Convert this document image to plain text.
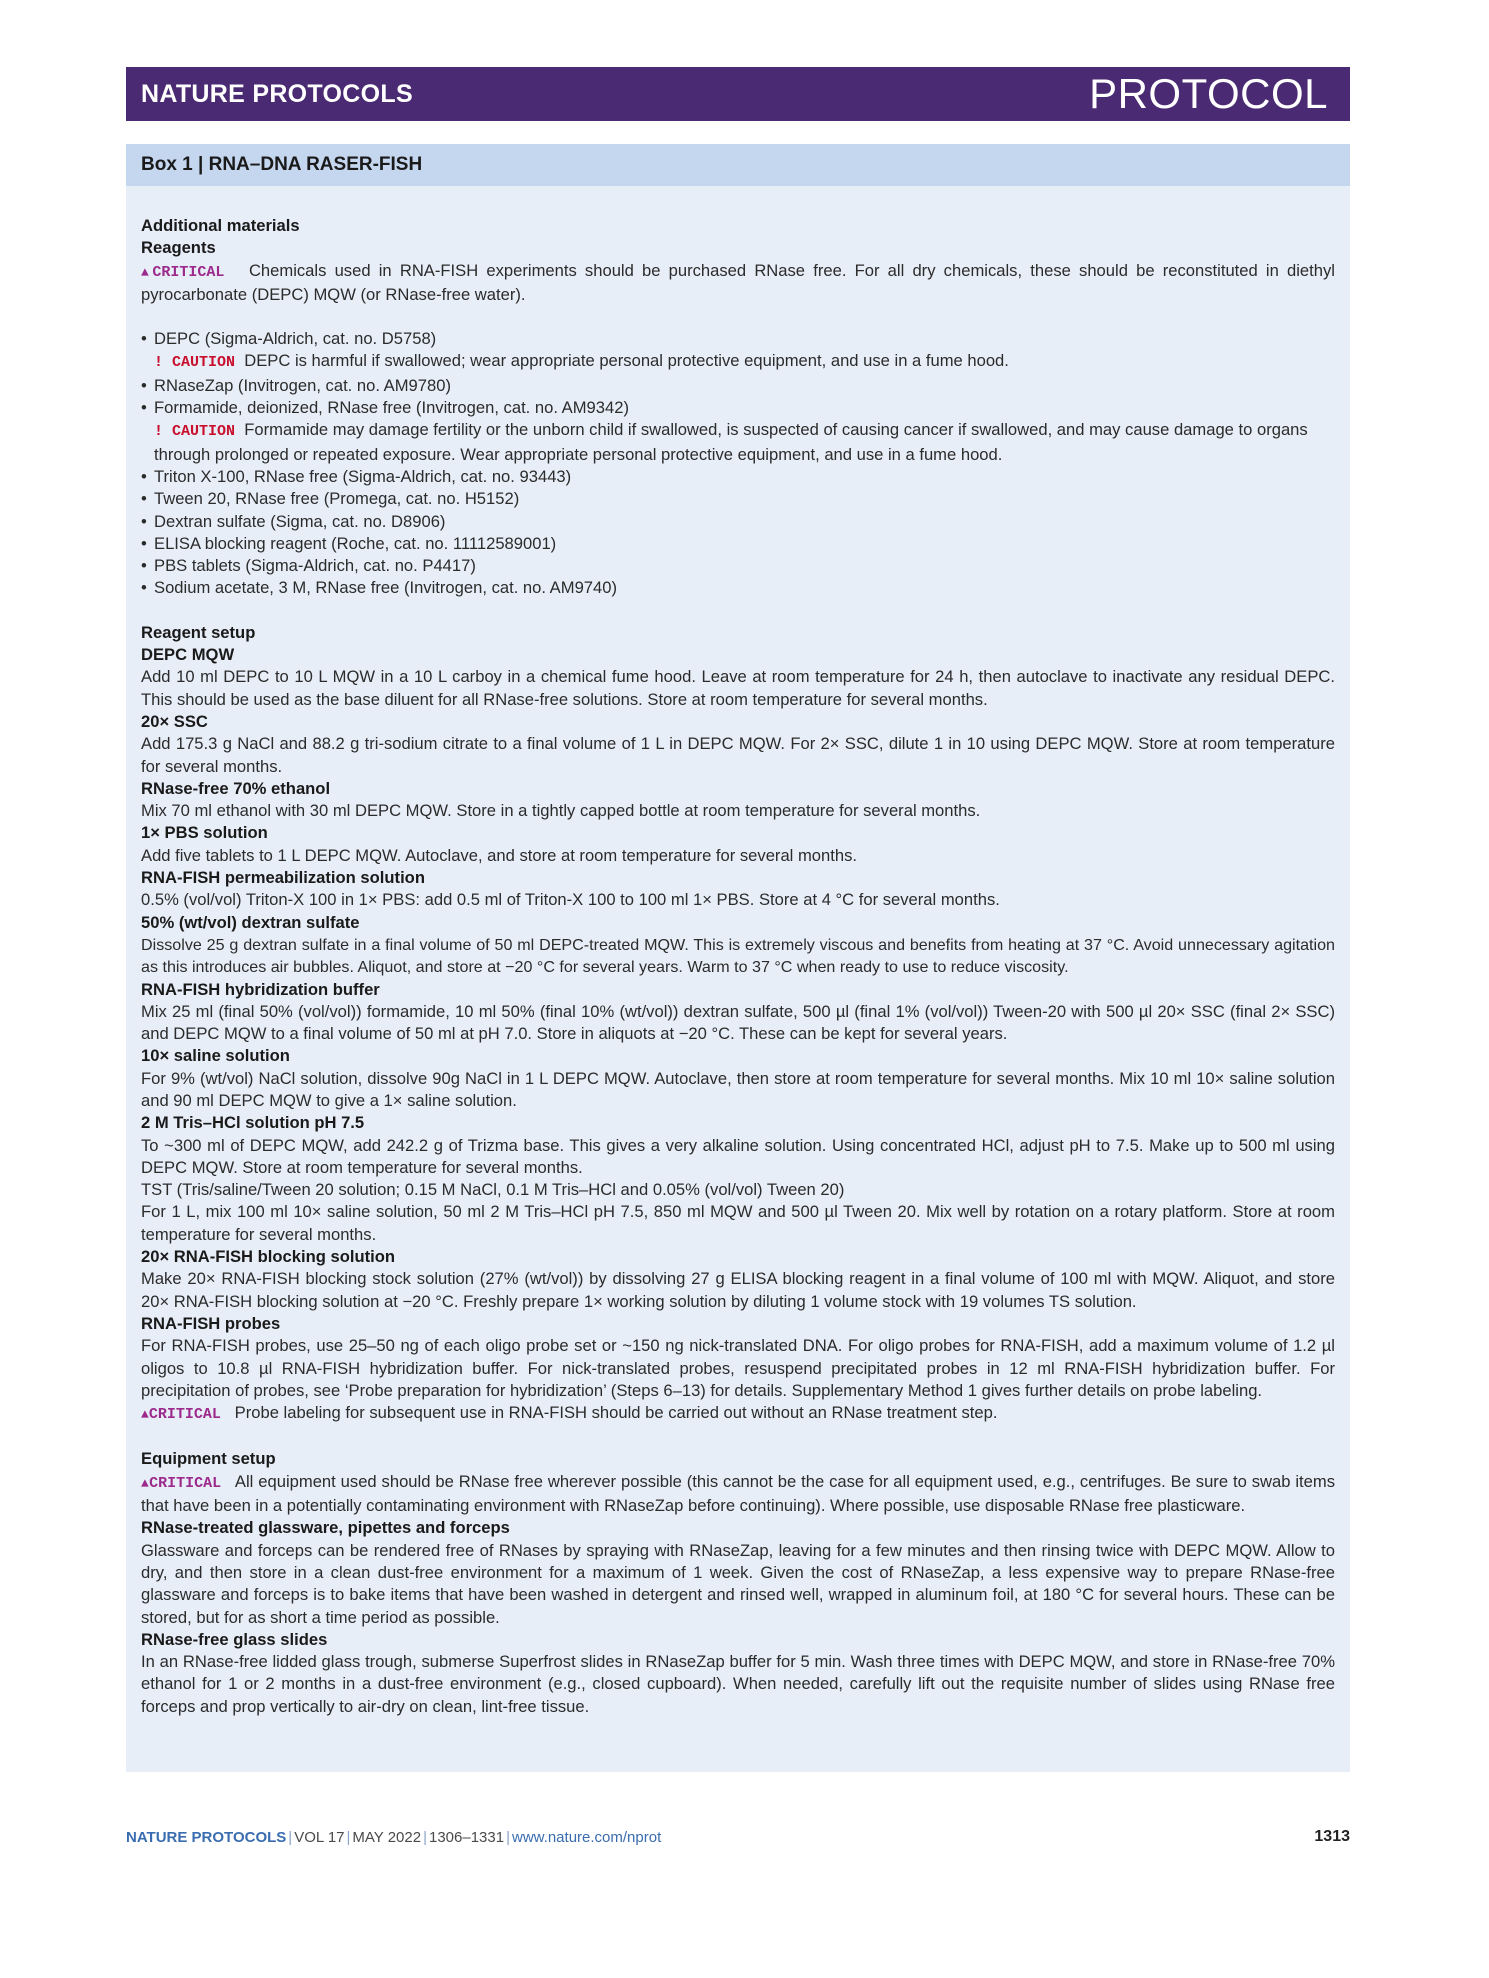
NATURE PROTOCOLS	PROTOCOL
Box 1 | RNA–DNA RASER-FISH
Additional materials
Reagents

▲CRITICAL Chemicals used in RNA-FISH experiments should be purchased RNase free. For all dry chemicals, these should be reconstituted in diethyl pyrocarbonate (DEPC) MQW (or RNase-free water).

• DEPC (Sigma-Aldrich, cat. no. D5758)
! CAUTION DEPC is harmful if swallowed; wear appropriate personal protective equipment, and use in a fume hood.
• RNaseZap (Invitrogen, cat. no. AM9780)
• Formamide, deionized, RNase free (Invitrogen, cat. no. AM9342)
! CAUTION Formamide may damage fertility or the unborn child if swallowed, is suspected of causing cancer if swallowed, and may cause damage to organs through prolonged or repeated exposure. Wear appropriate personal protective equipment, and use in a fume hood.
• Triton X-100, RNase free (Sigma-Aldrich, cat. no. 93443)
• Tween 20, RNase free (Promega, cat. no. H5152)
• Dextran sulfate (Sigma, cat. no. D8906)
• ELISA blocking reagent (Roche, cat. no. 11112589001)
• PBS tablets (Sigma-Aldrich, cat. no. P4417)
• Sodium acetate, 3 M, RNase free (Invitrogen, cat. no. AM9740)
Reagent setup
DEPC MQW

Add 10 ml DEPC to 10 L MQW in a 10 L carboy in a chemical fume hood. Leave at room temperature for 24 h, then autoclave to inactivate any residual DEPC. This should be used as the base diluent for all RNase-free solutions. Store at room temperature for several months.

20× SSC

Add 175.3 g NaCl and 88.2 g tri-sodium citrate to a final volume of 1 L in DEPC MQW. For 2× SSC, dilute 1 in 10 using DEPC MQW. Store at room temperature for several months.

RNase-free 70% ethanol

Mix 70 ml ethanol with 30 ml DEPC MQW. Store in a tightly capped bottle at room temperature for several months.

1× PBS solution

Add five tablets to 1 L DEPC MQW. Autoclave, and store at room temperature for several months.

RNA-FISH permeabilization solution

0.5% (vol/vol) Triton-X 100 in 1× PBS: add 0.5 ml of Triton-X 100 to 100 ml 1× PBS. Store at 4 °C for several months.

50% (wt/vol) dextran sulfate

Dissolve 25 g dextran sulfate in a final volume of 50 ml DEPC-treated MQW. This is extremely viscous and benefits from heating at 37 °C. Avoid unnecessary agitation as this introduces air bubbles. Aliquot, and store at −20 °C for several years. Warm to 37 °C when ready to use to reduce viscosity.

RNA-FISH hybridization buffer

Mix 25 ml (final 50% (vol/vol)) formamide, 10 ml 50% (final 10% (wt/vol)) dextran sulfate, 500 µl (final 1% (vol/vol)) Tween-20 with 500 µl 20× SSC (final 2× SSC) and DEPC MQW to a final volume of 50 ml at pH 7.0. Store in aliquots at −20 °C. These can be kept for several years.

10× saline solution

For 9% (wt/vol) NaCl solution, dissolve 90g NaCl in 1 L DEPC MQW. Autoclave, then store at room temperature for several months. Mix 10 ml 10× saline solution and 90 ml DEPC MQW to give a 1× saline solution.

2 M Tris–HCl solution pH 7.5

To ~300 ml of DEPC MQW, add 242.2 g of Trizma base. This gives a very alkaline solution. Using concentrated HCl, adjust pH to 7.5. Make up to 500 ml using DEPC MQW. Store at room temperature for several months.

TST (Tris/saline/Tween 20 solution; 0.15 M NaCl, 0.1 M Tris–HCl and 0.05% (vol/vol) Tween 20)

For 1 L, mix 100 ml 10× saline solution, 50 ml 2 M Tris–HCl pH 7.5, 850 ml MQW and 500 µl Tween 20. Mix well by rotation on a rotary platform. Store at room temperature for several months.

20× RNA-FISH blocking solution

Make 20× RNA-FISH blocking stock solution (27% (wt/vol)) by dissolving 27 g ELISA blocking reagent in a final volume of 100 ml with MQW. Aliquot, and store 20× RNA-FISH blocking solution at −20 °C. Freshly prepare 1× working solution by diluting 1 volume stock with 19 volumes TS solution.

RNA-FISH probes

For RNA-FISH probes, use 25–50 ng of each oligo probe set or ~150 ng nick-translated DNA. For oligo probes for RNA-FISH, add a maximum volume of 1.2 µl oligos to 10.8 µl RNA-FISH hybridization buffer. For nick-translated probes, resuspend precipitated probes in 12 ml RNA-FISH hybridization buffer. For precipitation of probes, see ‘Probe preparation for hybridization’ (Steps 6–13) for details. Supplementary Method 1 gives further details on probe labeling.

▲CRITICAL Probe labeling for subsequent use in RNA-FISH should be carried out without an RNase treatment step.

Equipment setup

▲CRITICAL All equipment used should be RNase free wherever possible (this cannot be the case for all equipment used, e.g., centrifuges. Be sure to swab items that have been in a potentially contaminating environment with RNaseZap before continuing). Where possible, use disposable RNase free plasticware.

RNase-treated glassware, pipettes and forceps

Glassware and forceps can be rendered free of RNases by spraying with RNaseZap, leaving for a few minutes and then rinsing twice with DEPC MQW. Allow to dry, and then store in a clean dust-free environment for a maximum of 1 week. Given the cost of RNaseZap, a less expensive way to prepare RNase-free glassware and forceps is to bake items that have been washed in detergent and rinsed well, wrapped in aluminum foil, at 180 °C for several hours. These can be stored, but for as short a time period as possible.

RNase-free glass slides

In an RNase-free lidded glass trough, submerse Superfrost slides in RNaseZap buffer for 5 min. Wash three times with DEPC MQW, and store in RNase-free 70% ethanol for 1 or 2 months in a dust-free environment (e.g., closed cupboard). When needed, carefully lift out the requisite number of slides using RNase free forceps and prop vertically to air-dry on clean, lint-free tissue.

NATURE PROTOCOLS | VOL 17 | MAY 2022 | 1306–1331 | www.nature.com/nprot	1313
